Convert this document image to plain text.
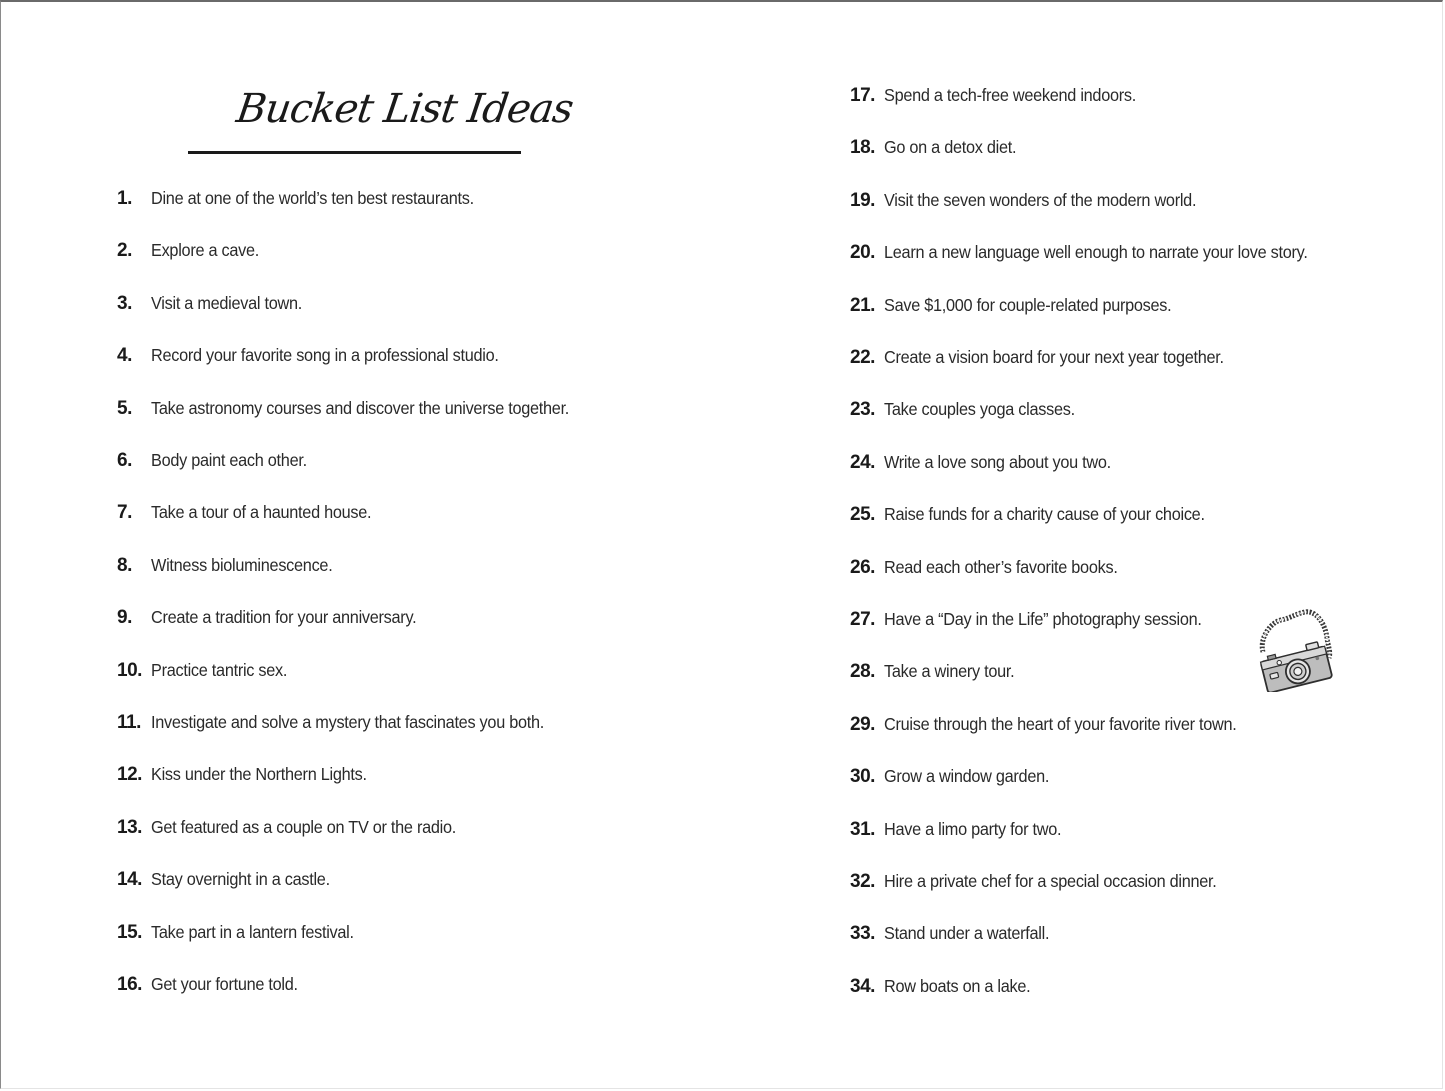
Bucket List Ideas
1.	Dine at one of the world’s ten best restaurants.
2.	Explore a cave.
3.	Visit a medieval town.
4.	Record your favorite song in a professional studio.
5.	Take astronomy courses and discover the universe together.
6.	Body paint each other.
7.	Take a tour of a haunted house.
8.	Witness bioluminescence.
9.	Create a tradition for your anniversary.
10. Practice tantric sex.
11. Investigate and solve a mystery that fascinates you both.
12. Kiss under the Northern Lights.
13. Get featured as a couple on TV or the radio.
14. Stay overnight in a castle.
15. Take part in a lantern festival.
16. Get your fortune told.
17. Spend a tech-free weekend indoors.
18. Go on a detox diet.
19. Visit the seven wonders of the modern world.
20. Learn a new language well enough to narrate your love story.
21. Save $1,000 for couple-related purposes.
22. Create a vision board for your next year together.
23. Take couples yoga classes.
24. Write a love song about you two.
25. Raise funds for a charity cause of your choice.
26. Read each other’s favorite books.
27. Have a “Day in the Life” photography session.
28. Take a winery tour.
29. Cruise through the heart of your favorite river town.
30. Grow a window garden.
31. Have a limo party for two.
32. Hire a private chef for a special occasion dinner.
33. Stand under a waterfall.
34. Row boats on a lake.
